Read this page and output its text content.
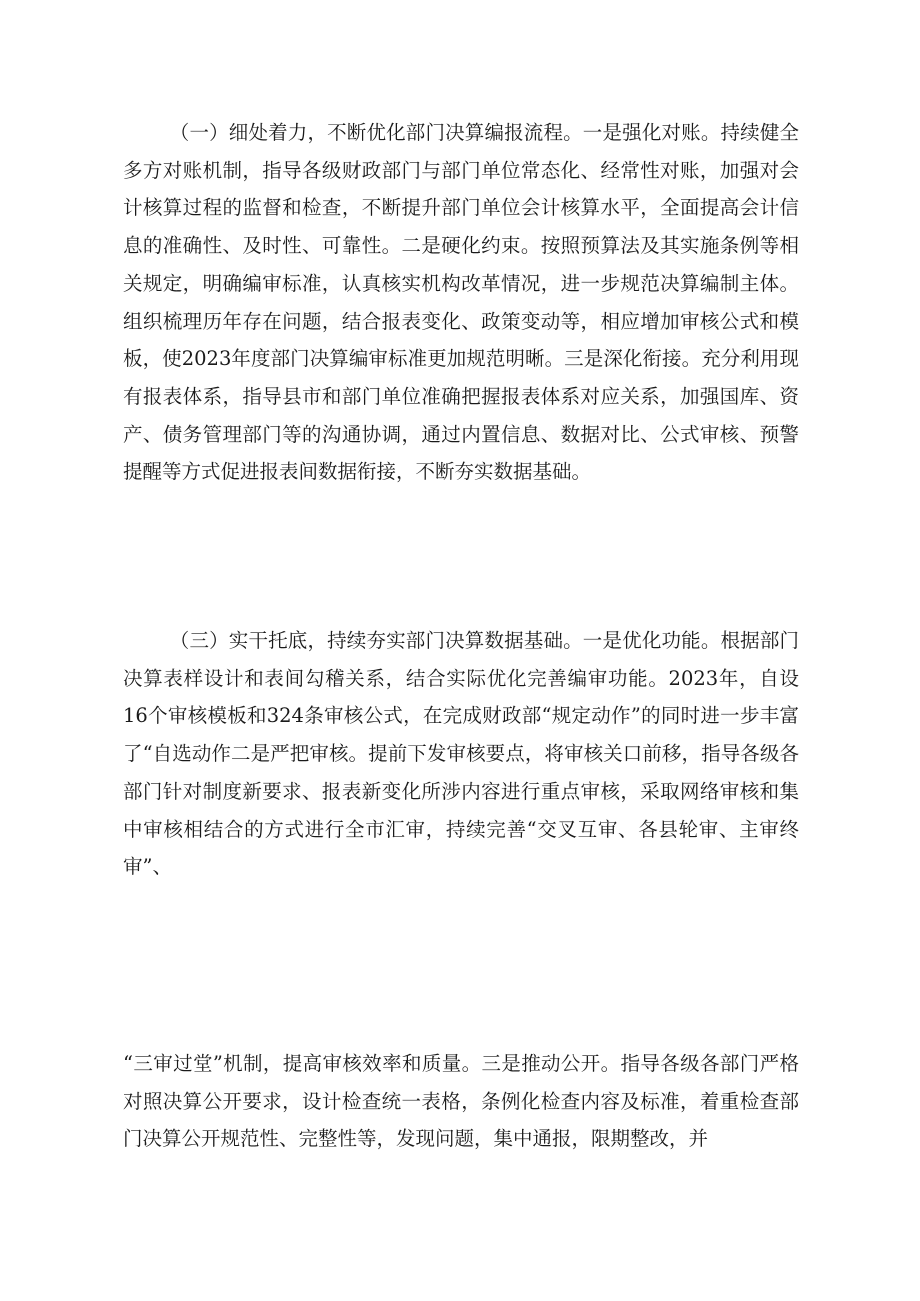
（一）细处着力，不断优化部门决算编报流程。一是强化对账。持续健全多方对账机制，指导各级财政部门与部门单位常态化、经常性对账，加强对会计核算过程的监督和检查，不断提升部门单位会计核算水平，全面提高会计信息的准确性、及时性、可靠性。二是硬化约束。按照预算法及其实施条例等相关规定，明确编审标准，认真核实机构改革情况，进一步规范决算编制主体。组织梳理历年存在问题，结合报表变化、政策变动等，相应增加审核公式和模板，使2023年度部门决算编审标准更加规范明晰。三是深化衔接。充分利用现有报表体系，指导县市和部门单位准确把握报表体系对应关系，加强国库、资产、债务管理部门等的沟通协调，通过内置信息、数据对比、公式审核、预警提醒等方式促进报表间数据衔接，不断夯实数据基础。

（三）实干托底，持续夯实部门决算数据基础。一是优化功能。根据部门决算表样设计和表间勾稽关系，结合实际优化完善编审功能。2023年，自设16个审核模板和324条审核公式，在完成财政部“规定动作”的同时进一步丰富了“自选动作二是严把审核。提前下发审核要点，将审核关口前移，指导各级各部门针对制度新要求、报表新变化所涉内容进行重点审核，采取网络审核和集中审核相结合的方式进行全市汇审，持续完善“交叉互审、各县轮审、主审终审”、

“三审过堂”机制，提高审核效率和质量。三是推动公开。指导各级各部门严格对照决算公开要求，设计检查统一表格，条例化检查内容及标准，着重检查部门决算公开规范性、完整性等，发现问题，集中通报，限期整改，并
